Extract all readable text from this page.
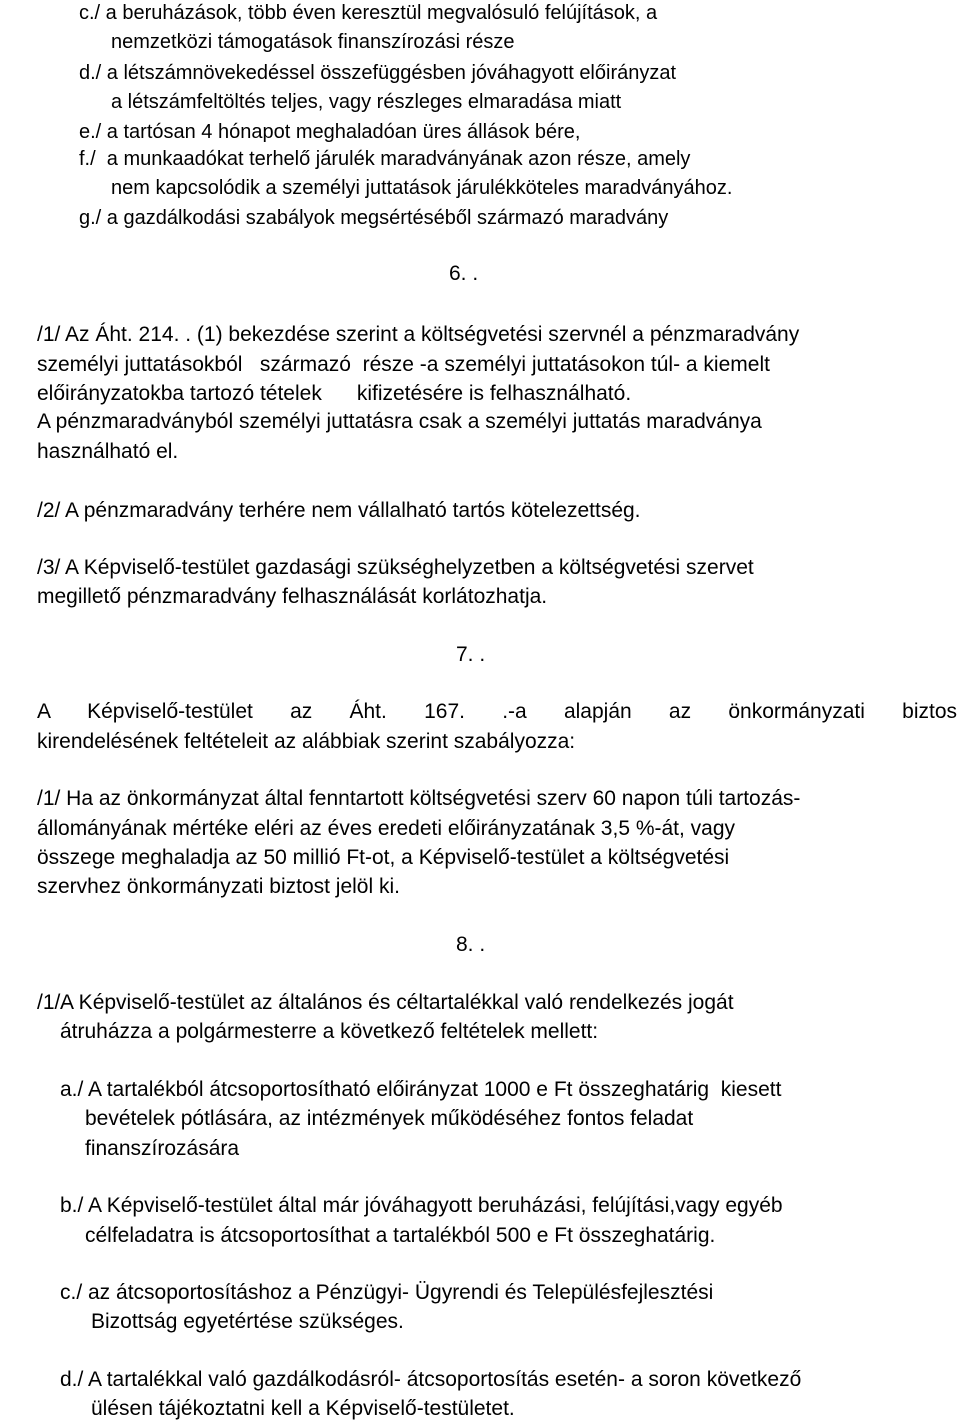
c./ a beruházások, több éven keresztül megvalósuló felújítások, a
nemzetközi támogatások finanszírozási része
d./ a létszámnövekedéssel összefüggésben jóváhagyott előirányzat
a létszámfeltöltés teljes, vagy részleges elmaradása miatt
e./ a tartósan 4 hónapot meghaladóan üres állások bére,
f./  a munkaadókat terhelő járulék maradványának azon része, amely
nem kapcsolódik a személyi juttatások járulékköteles maradványához.
g./ a gazdálkodási szabályok megsértéséből származó maradvány
6. .
/1/ Az Áht. 214. . (1) bekezdése szerint a költségvetési szervnél a pénzmaradvány
személyi juttatásokból   származó  része -a személyi juttatásokon túl- a kiemelt
előirányzatokba tartozó tételek      kifizetésére is felhasználható.
A pénzmaradványból személyi juttatásra csak a személyi juttatás maradványa
használható el.
/2/ A pénzmaradvány terhére nem vállalható tartós kötelezettség.
/3/ A Képviselő-testület gazdasági szükséghelyzetben a költségvetési szervet
megillető pénzmaradvány felhasználását korlátozhatja.
7. .
A Képviselő-testület az Áht. 167. .-a alapján az önkormányzati biztos
kirendelésének feltételeit az alábbiak szerint szabályozza:
/1/ Ha az önkormányzat által fenntartott költségvetési szerv 60 napon túli tartozás-
állományának mértéke eléri az éves eredeti előirányzatának 3,5 %-át, vagy
összege meghaladja az 50 millió Ft-ot, a Képviselő-testület a költségvetési
szervhez önkormányzati biztost jelöl ki.
8. .
/1/ A Képviselő-testület az általános és céltartalékkal való rendelkezés jogát
átruházza a polgármesterre a következő feltételek mellett:
a./ A tartalékból átcsoportosítható előirányzat 1000 e Ft összeghatárig  kiesett
bevételek pótlására, az intézmények működéséhez fontos feladat
finanszírozására
b./ A Képviselő-testület által már jóváhagyott beruházási, felújítási,vagy egyéb
célfeladatra is átcsoportosíthat a tartalékból 500 e Ft összeghatárig.
c./ az átcsoportosításhoz a Pénzügyi- Ügyrendi és Településfejlesztési
Bizottság egyetértése szükséges.
d./ A tartalékkal való gazdálkodásról- átcsoportosítás esetén- a soron következő
ülésen tájékoztatni kell a Képviselő-testületet.
